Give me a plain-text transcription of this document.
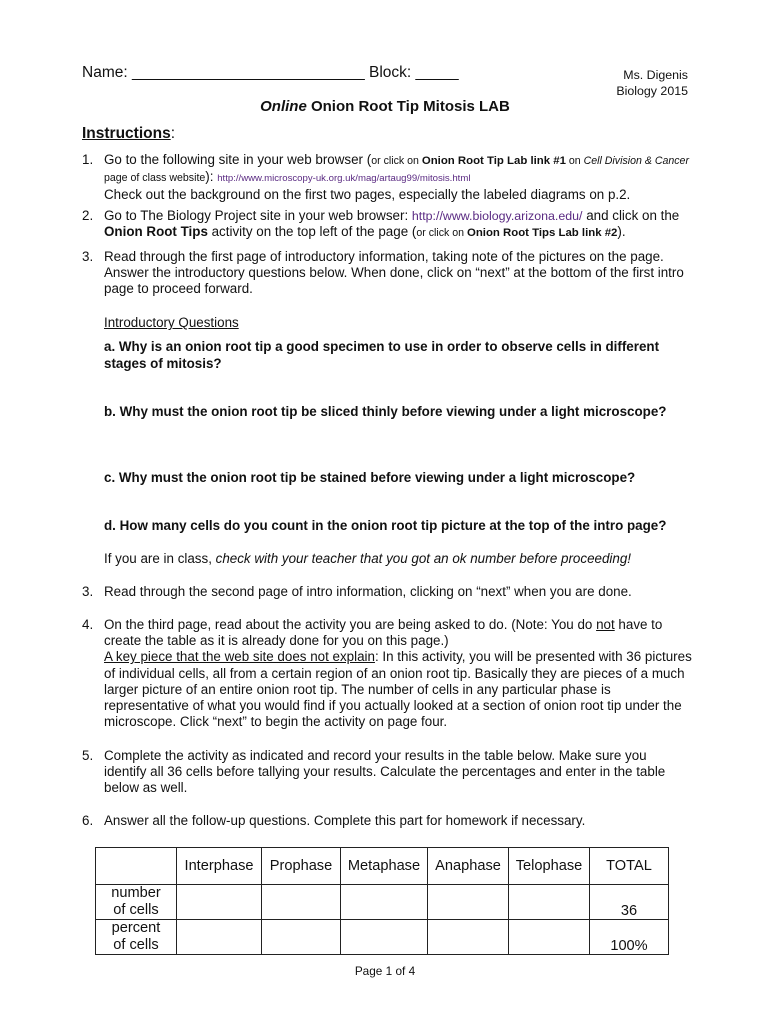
Name: ___________________________ Block: _____	Ms. Digenis
Biology 2015
Online Onion Root Tip Mitosis LAB
Instructions:
1. Go to the following site in your web browser (or click on Onion Root Tip Lab link #1 on Cell Division & Cancer page of class website): http://www.microscopy-uk.org.uk/mag/artaug99/mitosis.html
Check out the background on the first two pages, especially the labeled diagrams on p.2.
2. Go to The Biology Project site in your web browser: http://www.biology.arizona.edu/ and click on the Onion Root Tips activity on the top left of the page (or click on Onion Root Tips Lab link #2).
3. Read through the first page of introductory information, taking note of the pictures on the page. Answer the introductory questions below. When done, click on “next” at the bottom of the first intro page to proceed forward.
Introductory Questions
a. Why is an onion root tip a good specimen to use in order to observe cells in different stages of mitosis?
b. Why must the onion root tip be sliced thinly before viewing under a light microscope?
c. Why must the onion root tip be stained before viewing under a light microscope?
d. How many cells do you count in the onion root tip picture at the top of the intro page?
If you are in class, check with your teacher that you got an ok number before proceeding!
3. Read through the second page of intro information, clicking on “next” when you are done.
4. On the third page, read about the activity you are being asked to do. (Note: You do not have to create the table as it is already done for you on this page.)
A key piece that the web site does not explain: In this activity, you will be presented with 36 pictures of individual cells, all from a certain region of an onion root tip. Basically they are pieces of a much larger picture of an entire onion root tip. The number of cells in any particular phase is representative of what you would find if you actually looked at a section of onion root tip under the microscope. Click “next” to begin the activity on page four.
5. Complete the activity as indicated and record your results in the table below. Make sure you identify all 36 cells before tallying your results. Calculate the percentages and enter in the table below as well.
6. Answer all the follow-up questions. Complete this part for homework if necessary.
	Interphase	Prophase	Metaphase	Anaphase	Telophase	TOTAL

number
of cells						36

percent
of cells						100%
Page 1 of 4
